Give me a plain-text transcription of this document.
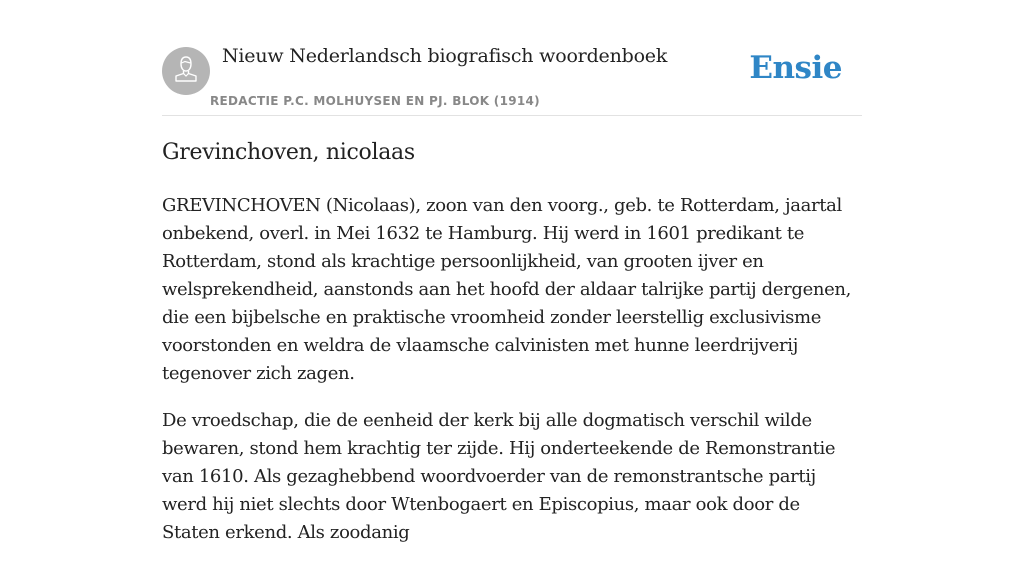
Nieuw Nederlandsch biografisch woordenboek
REDACTIE P.C. MOLHUYSEN EN PJ. BLOK (1914)
Ensie
Grevinchoven, nicolaas

GREVINCHOVEN (Nicolaas), zoon van den voorg., geb. te Rotterdam, jaartal onbekend, overl. in Mei 1632 te Hamburg. Hij werd in 1601 predikant te Rotterdam, stond als krachtige persoonlijkheid, van grooten ijver en welsprekendheid, aanstonds aan het hoofd der aldaar talrijke partij dergenen, die een bijbelsche en praktische vroomheid zonder leerstellig exclusivisme voorstonden en weldra de vlaamsche calvinisten met hunne leerdrijverij tegenover zich zagen.

De vroedschap, die de eenheid der kerk bij alle dogmatisch verschil wilde bewaren, stond hem krachtig ter zijde. Hij onderteekende de Remonstrantie van 1610. Als gezaghebbend woordvoerder van de remonstrantsche partij werd hij niet slechts door Wtenbogaert en Episcopius, maar ook door de Staten erkend. Als zoodanig
